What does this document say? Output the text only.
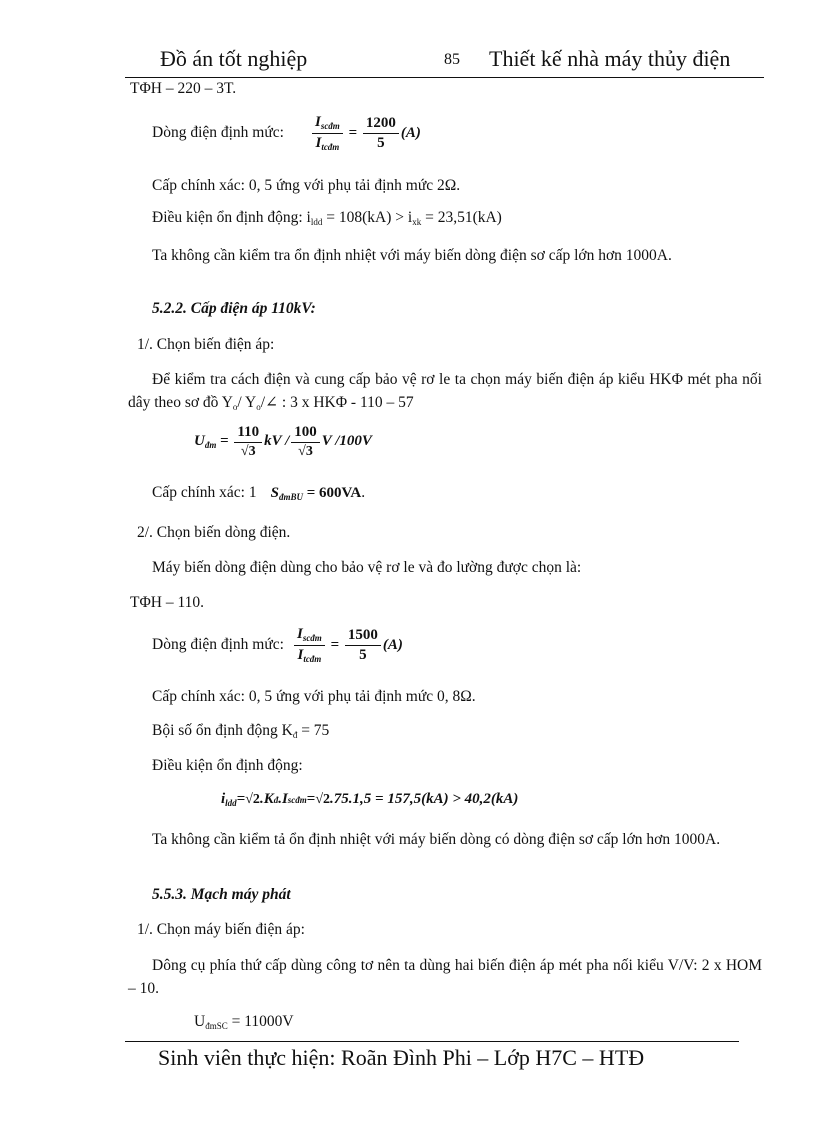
Đồ án tốt nghiệp	85 Thiết kế nhà máy thủy điện
TΦH – 220 – 3T.
Dòng điện định mức: $\frac{I_{scđm}}{I_{tcđm}} = \frac{1200}{5} (A)$
Cấp chính xác: 0, 5 ứng với phụ tải định mức 2Ω.
Điều kiện ổn định động: $i_{ldd} = 108(kA) > i_{xk} = 23,51(kA)$
Ta không cần kiểm tra ổn định nhiệt với máy biến dòng điện sơ cấp lớn hơn 1000A.
5.2.2. Cấp điện áp 110kV:
1/. Chọn biến điện áp:
Để kiểm tra cách điện và cung cấp bảo vệ rơ le ta chọn máy biến điện áp kiểu HKΦ mét pha nối dây theo sơ đồ $Y_o/$ $Y_o/\angle$ : 3 x HKΦ - 110 – 57
$U_{đm} = \frac{110}{√3}$ kV / $\frac{100}{√3}$ V /100V
Cấp chính xác: 1 $S_{đmBU}$
= 600VA .
2/. Chọn biến dòng điện.
Máy biến dòng điện dùng cho bảo vệ rơ le và đo lường được chọn là:
TΦH – 110.
Dòng điện định mức: $\frac{I_{scđm}}{I_{tcđm}} = \frac{1500}{5} (A)$
Cấp chính xác: 0, 5 ứng với phụ tải định mức 0, 8Ω.
Bội số ổn định động $K_đ = 75$
Điều kiện ổn định động:
$i_{ldd} = √2$ .K đ .I scđm = √2 .75.1,5 = 157,5(kA) > 40,2(kA)
Ta không cần kiểm tả ổn định nhiệt với máy biến dòng có dòng điện sơ cấp lớn hơn 1000A.
5.5.3. Mạch máy phát
1/. Chọn máy biến điện áp:
Dông cụ phía thứ cấp dùng công tơ nên ta dùng hai biến điện áp mét pha nối kiểu V/V: 2 x HOM – 10.
$U_{đmSC} = 11000V$
Sinh viên thực hiện: Roãn Đình Phi – Lớp H7C – HTĐ
